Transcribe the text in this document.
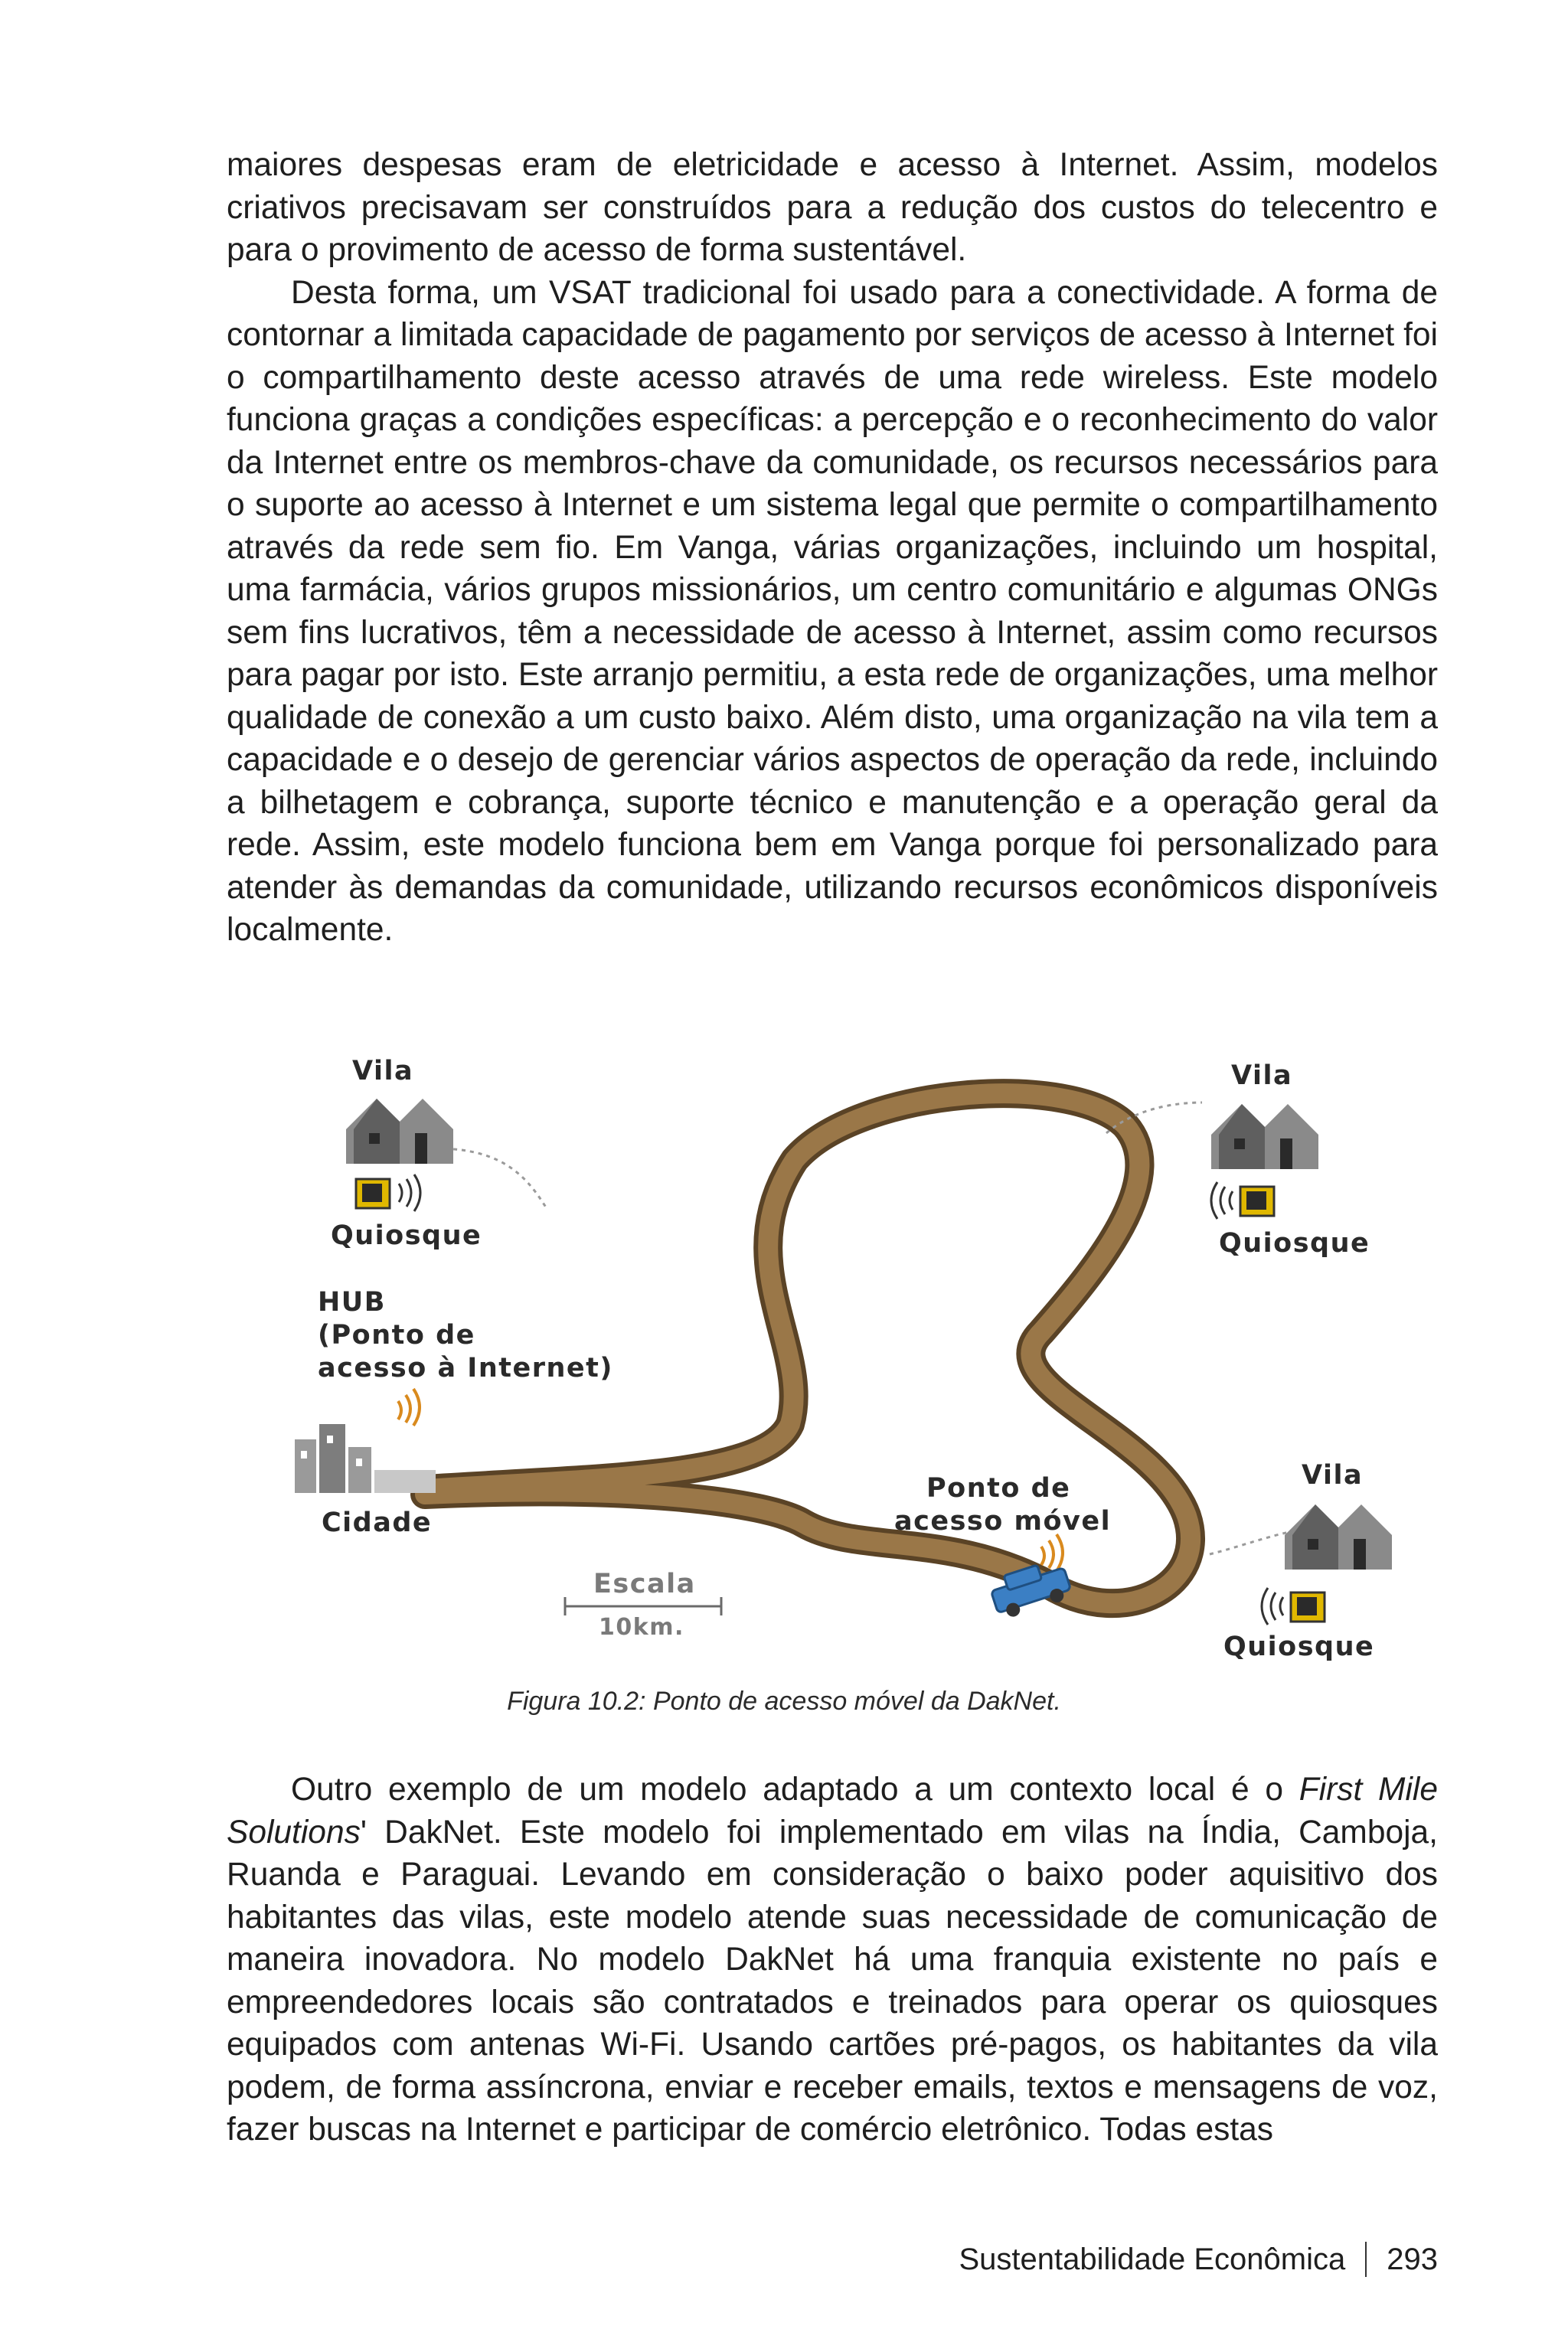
maiores despesas eram de eletricidade e acesso à Internet. Assim, modelos criativos precisavam ser construídos para a redução dos custos do telecentro e para o provimento de acesso de forma sustentável.

Desta forma, um VSAT tradicional foi usado para a conectividade. A forma de contornar a limitada capacidade de pagamento por serviços de acesso à Internet foi o compartilhamento deste acesso através de uma rede wireless. Este modelo funciona graças a condições específicas: a percepção e o reconhecimento do valor da Internet entre os membros-chave da comunidade, os recursos necessários para o suporte ao acesso à Internet e um sistema legal que permite o compartilhamento através da rede sem fio. Em Vanga, várias organizações, incluindo um hospital, uma farmácia, vários grupos missionários, um centro comunitário e algumas ONGs sem fins lucrativos, têm a necessidade de acesso à Internet, assim como recursos para pagar por isto. Este arranjo permitiu, a esta rede de organizações, uma melhor qualidade de conexão a um custo baixo. Além disto, uma organização na vila tem a capacidade e o desejo de gerenciar vários aspectos de operação da rede, incluindo a bilhetagem e cobrança, suporte técnico e manutenção e a operação geral da rede. Assim, este modelo funciona bem em Vanga porque foi personalizado para atender às demandas da comunidade, utilizando recursos econômicos disponíveis localmente.

Vila
Quiosque
Vila
Quiosque
Vila
Quiosque
HUB
(Ponto de
acesso à Internet)
Cidade
Ponto de
acesso móvel
Escala
10km.
Figura 10.2: Ponto de acesso móvel da DakNet.

Outro exemplo de um modelo adaptado a um contexto local é o First Mile Solutions' DakNet. Este modelo foi implementado em vilas na Índia, Camboja, Ruanda e Paraguai. Levando em consideração o baixo poder aquisitivo dos habitantes das vilas, este modelo atende suas necessidade de comunicação de maneira inovadora. No modelo DakNet há uma franquia existente no país e empreendedores locais são contratados e treinados para operar os quiosques equipados com antenas Wi-Fi. Usando cartões pré-pagos, os habitantes da vila podem, de forma assíncrona, enviar e receber emails, textos e mensagens de voz, fazer buscas na Internet e participar de comércio eletrônico. Todas estas

Sustentabilidade Econômica 293
